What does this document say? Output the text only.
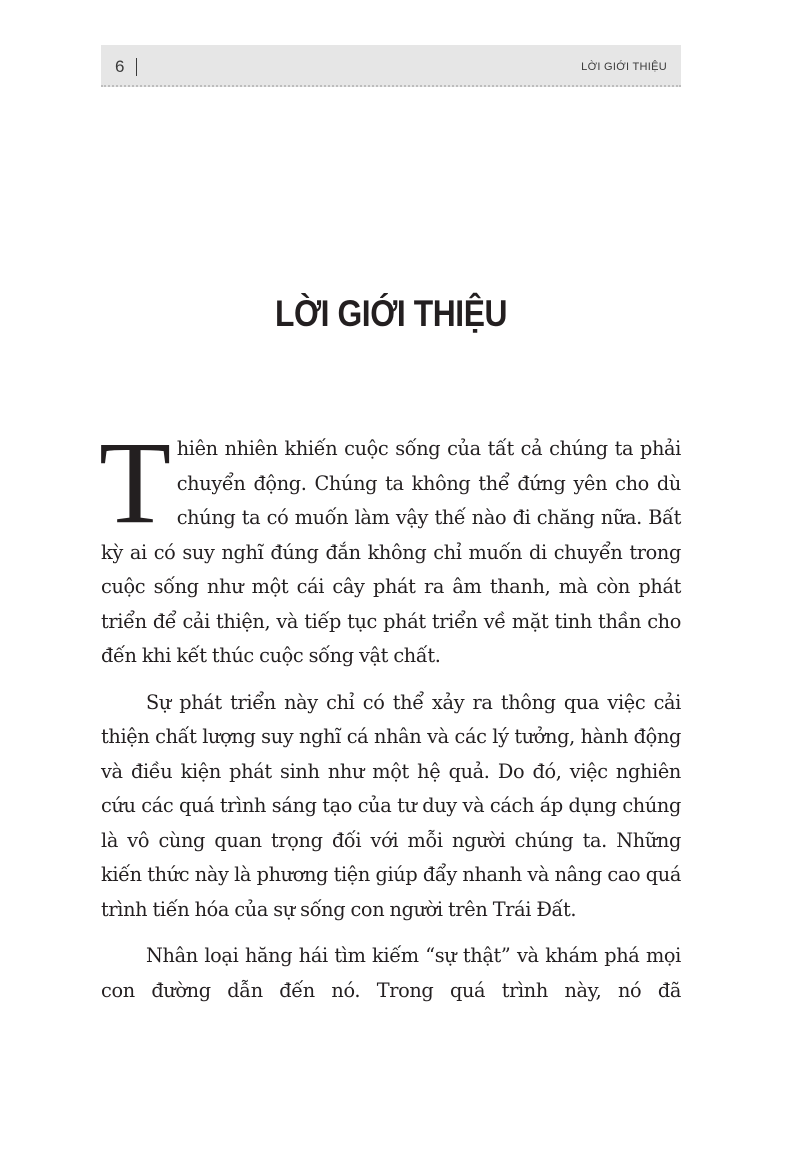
6	LỜI GIỚI THIỆU
LỜI GIỚI THIỆU

Thiên nhiên khiến cuộc sống của tất cả chúng ta phải chuyển động. Chúng ta không thể đứng yên cho dù chúng ta có muốn làm vậy thế nào đi chăng nữa. Bất kỳ ai có suy nghĩ đúng đắn không chỉ muốn di chuyển trong cuộc sống như một cái cây phát ra âm thanh, mà còn phát triển để cải thiện, và tiếp tục phát triển về mặt tinh thần cho đến khi kết thúc cuộc sống vật chất.

Sự phát triển này chỉ có thể xảy ra thông qua việc cải thiện chất lượng suy nghĩ cá nhân và các lý tưởng, hành động và điều kiện phát sinh như một hệ quả. Do đó, việc nghiên cứu các quá trình sáng tạo của tư duy và cách áp dụng chúng là vô cùng quan trọng đối với mỗi người chúng ta. Những kiến thức này là phương tiện giúp đẩy nhanh và nâng cao quá trình tiến hóa của sự sống con người trên Trái Đất.

Nhân loại hăng hái tìm kiếm “sự thật” và khám phá mọi con đường dẫn đến nó. Trong quá trình này, nó đã
